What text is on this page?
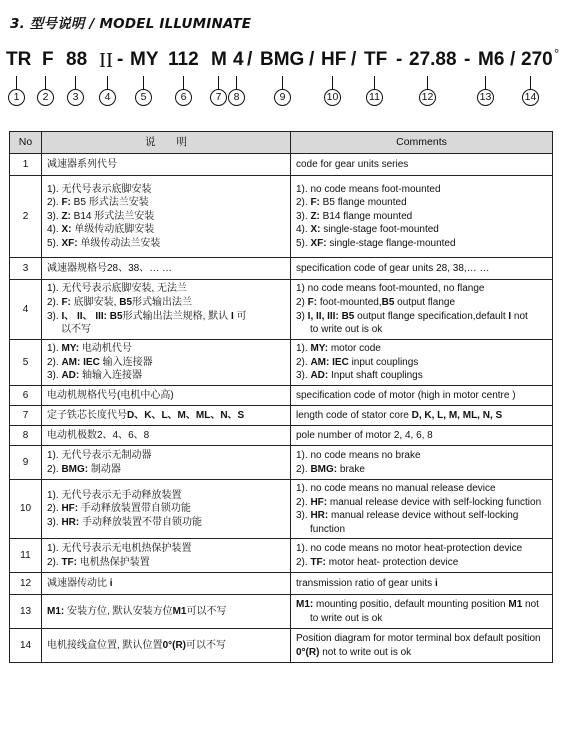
3. 型号说明 / MODEL ILLUMINATE
TR F 88 II - MY 112 M 4 / BMG / HF / TF - 27.88 - M6 / 270 °
1	2	3	4	5	6	7	8	9	10	11	12	13	14
No	说　　明	Comments
1	减速器系列代号	code for gear units series

2	1). 无代号表示底脚安装
2). F: B5 形式法兰安装
3). Z: B14 形式法兰安装
4). X: 单级传动底脚安装
5). XF: 单级传动法兰安装	1). no code means foot-mounted
2). F: B5 flange mounted
3). Z: B14 flange mounted
4). X: single-stage foot-mounted
5). XF: single-stage flange-mounted

3	减速器规格号28、38、… …	specification code of gear units 28, 38,… …

4	1). 无代号表示底脚安装, 无法兰
2). F: 底脚安装, B5形式输出法兰
3). I、 II、 III: B5形式输出法兰规格, 默认 I 可
以不写	1) no code means foot-mounted, no flange
2) F: foot-mounted,B5 output flange
3) I, II, III: B5 output flange specification,default I not
to write out is ok

5	1). MY: 电动机代号
2). AM: IEC 输入连接器
3). AD: 轴输入连接器	1). MY: motor code
2). AM: IEC input couplings
3). AD: Input shaft couplings

6	电动机规格代号(电机中心高)	specification code of motor (high in motor centre )

7	定子铁芯长度代号D、K、L、M、ML、N、S	length code of stator core D, K, L, M, ML, N, S

8	电动机极数2、4、6、8	pole number of motor 2, 4, 6, 8

9	1). 无代号表示无制动器
2). BMG: 制动器	1). no code means no brake
2). BMG: brake

10	1). 无代号表示无手动释放装置
2). HF: 手动释放装置带自锁功能
3). HR: 手动释放装置不带自锁功能	1). no code means no manual release device
2). HF: manual release device with self-locking function
3). HR: manual release device without self-locking
function

11	1). 无代号表示无电机热保护装置
2). TF: 电机热保护装置	1). no code means no motor heat-protection device
2). TF: motor heat- protection device

12	减速器传动比 i	transmission ratio of gear units i

13	M1: 安装方位, 默认安装方位M1可以不写	M1: mounting positio, default mounting position M1 not
to write out is ok

14	电机接线盒位置, 默认位置0°(R)可以不写	Position diagram for motor terminal box default position
0°(R) not to write out is ok
